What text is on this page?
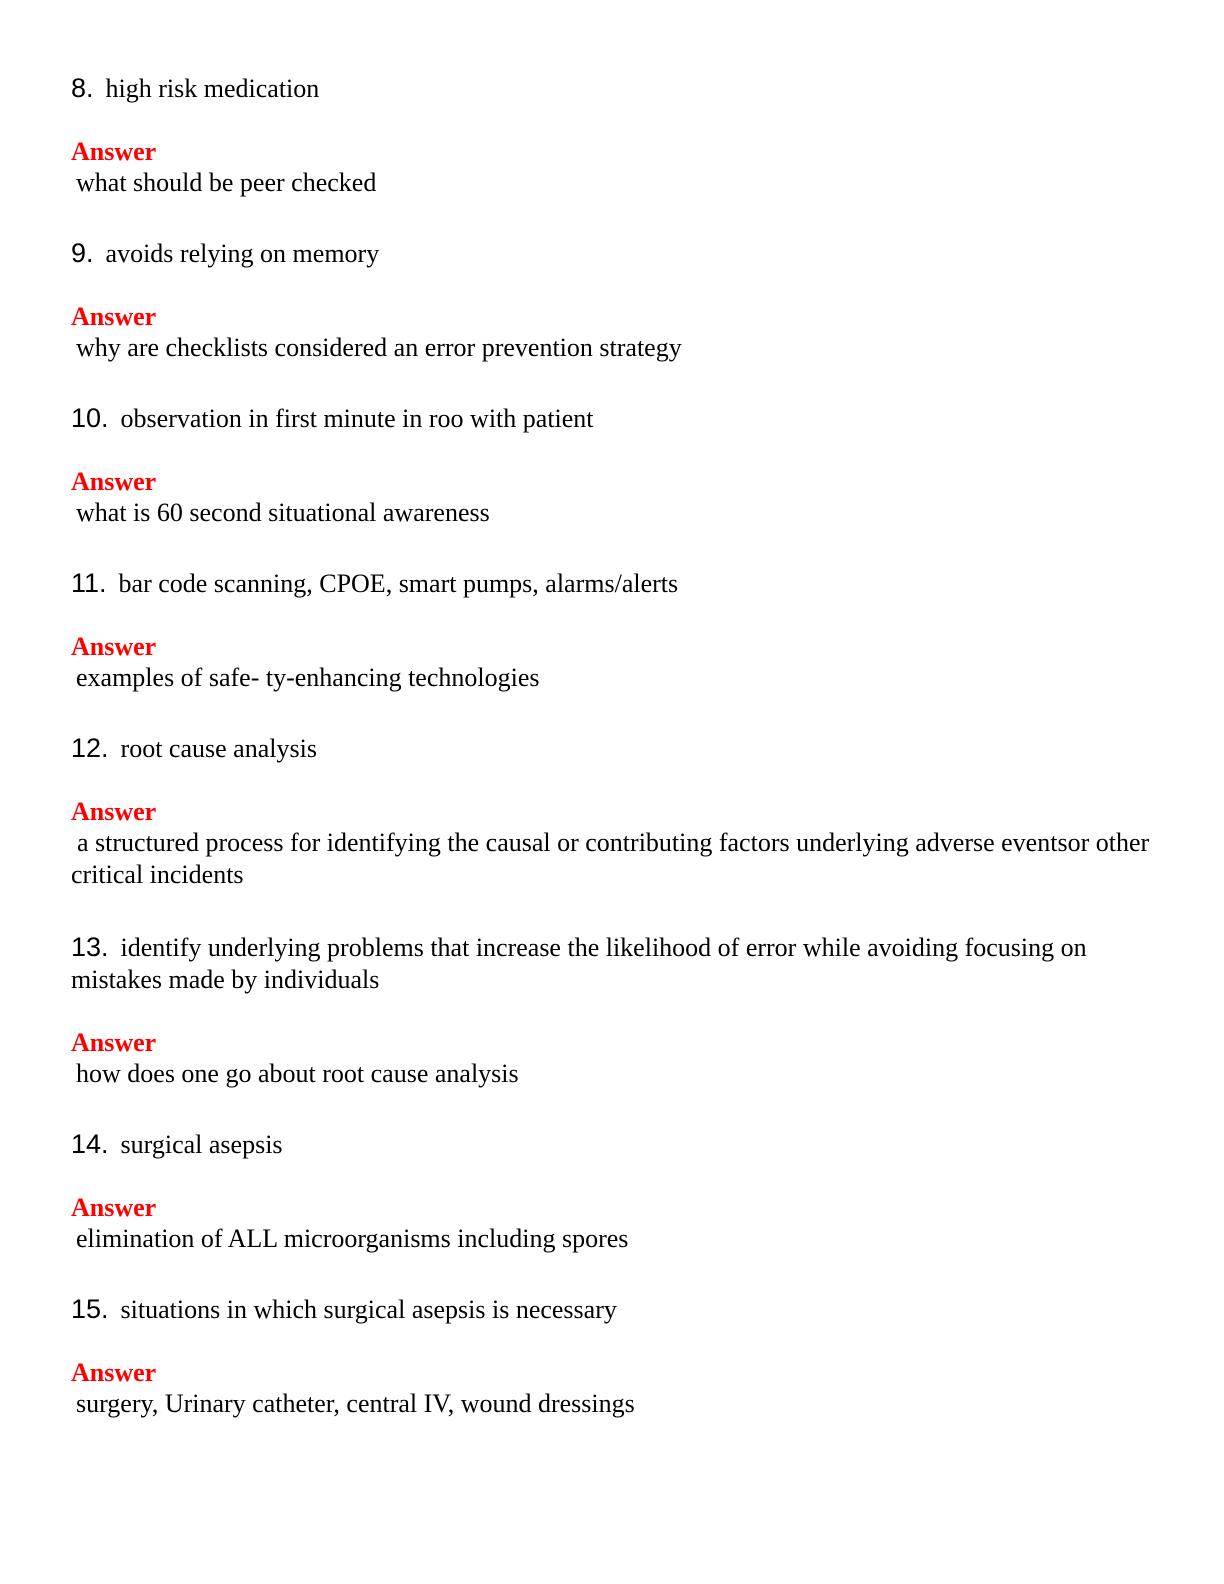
8. high risk medication

Answer
what should be peer checked

9. avoids relying on memory

Answer
why are checklists considered an error prevention strategy

10. observation in first minute in roo with patient

Answer
what is 60 second situational awareness

11. bar code scanning, CPOE, smart pumps, alarms/alerts

Answer
examples of safe- ty-enhancing technologies

12. root cause analysis

Answer
a structured process for identifying the causal or contributing factors underlying adverse eventsor other critical incidents

13. identify underlying problems that increase the likelihood of error while avoiding focusing on mistakes made by individuals

Answer
how does one go about root cause analysis

14. surgical asepsis

Answer
elimination of ALL microorganisms including spores

15. situations in which surgical asepsis is necessary

Answer
surgery, Urinary catheter, central IV, wound dressings
